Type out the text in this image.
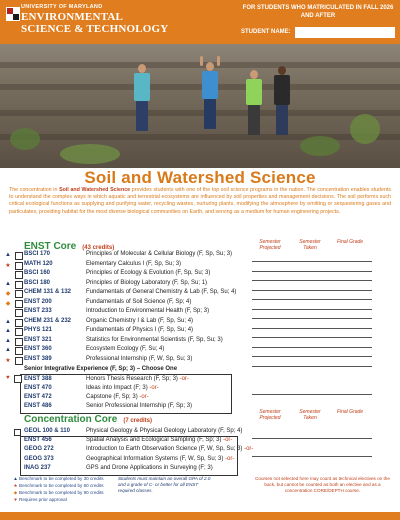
UNIVERSITY OF MARYLAND
ENVIRONMENTAL
SCIENCE & TECHNOLOGY
FOR STUDENTS WHO MATRICULATED IN FALL 2026 AND AFTER
STUDENT NAME:
Soil and Watershed Science
The concentration in Soil and Watershed Science provides students with one of the top soil science programs in the nation. The concentration enables students to understand the complex ways in which aquatic and terrestrial ecosystems are influenced by soil properties and management decisions. The soil performs such critical ecological functions as supplying and purifying water, recycling wastes, nurturing plants, modifying the atmosphere by emitting or sequestering gases and particulates, providing habitat for the most diverse biological communities on Earth, and serving as a medium for human engineering projects.
ENST Core (43 credits)
Semester Projected
Semester Taken
Final Grade
▲ BSCI 170	Principles of Molecular & Cellular Biology (F, Sp, Su; 3)
★ MATH 120	Elementary Calculus I (F, Sp, Su; 3)
BSCI 160	Principles of Ecology & Evolution (F, Sp, Su; 3)
▲ BSCI 180	Principles of Biology Laboratory (F, Sp, Su; 1)
◆ CHEM 131 & 132 Fundamentals of General Chemistry & Lab (F, Sp, Su; 4)
◆ ENST 200	Fundamentals of Soil Science (F, Sp; 4)
ENST 233	Introduction to Environmental Health (F, Sp; 3)
▲ CHEM 231 & 232 Organic Chemistry I & Lab (F, Sp, Su; 4)
▲ PHYS 121	Fundamentals of Physics I (F, Sp, Su; 4)
▲ ENST 321	Statistics for Environmental Scientists (F, Sp, Su; 3)
▲ ENST 360	Ecosystem Ecology (F, Su; 4)
★ ENST 389	Professional Internship (F, W, Sp, Su; 3)
Senior Integrative Experience (F, Sp; 3) – Choose One
♥ ENST 388	Honors Thesis Research (F, Sp; 3) -or-
ENST 470	Ideas into Impact (F; 3) -or-
ENST 472	Capstone (F, Sp; 3) -or-
ENST 486	Senior Professional Internship (F, Sp; 3)
Concentration Core (7 credits)
Semester Projected
Semester Taken
Final Grade
GEOL 100 & 110	Physical Geology & Physical Geology Laboratory (F, Sp; 4)
ENST 456	Spatial Analysis and Ecological Sampling (F, Sp; 3) -or-
GEOG 272	Introduction to Earth Observation Science (F, W, Sp, Su; 3) -or-
GEOG 373	Geographical Information Systems (F, W, Sp, Su; 3) -or-
INAG 237	GPS and Drone Applications in Surveying (F; 3)
▲Benchmark to be completed by 30 credits
★Benchmark to be completed by 60 credits
◆ Benchmark to be completed by 90 credits
♥ Requires prior approval
Students must maintain an overall GPA of 2.0 and a grade of C- or better for all ENST required classes.
Courses not selected here may count as technical electives on the back, but cannot be counted as both an elective and as a concentration CORE/DEPTH course.
